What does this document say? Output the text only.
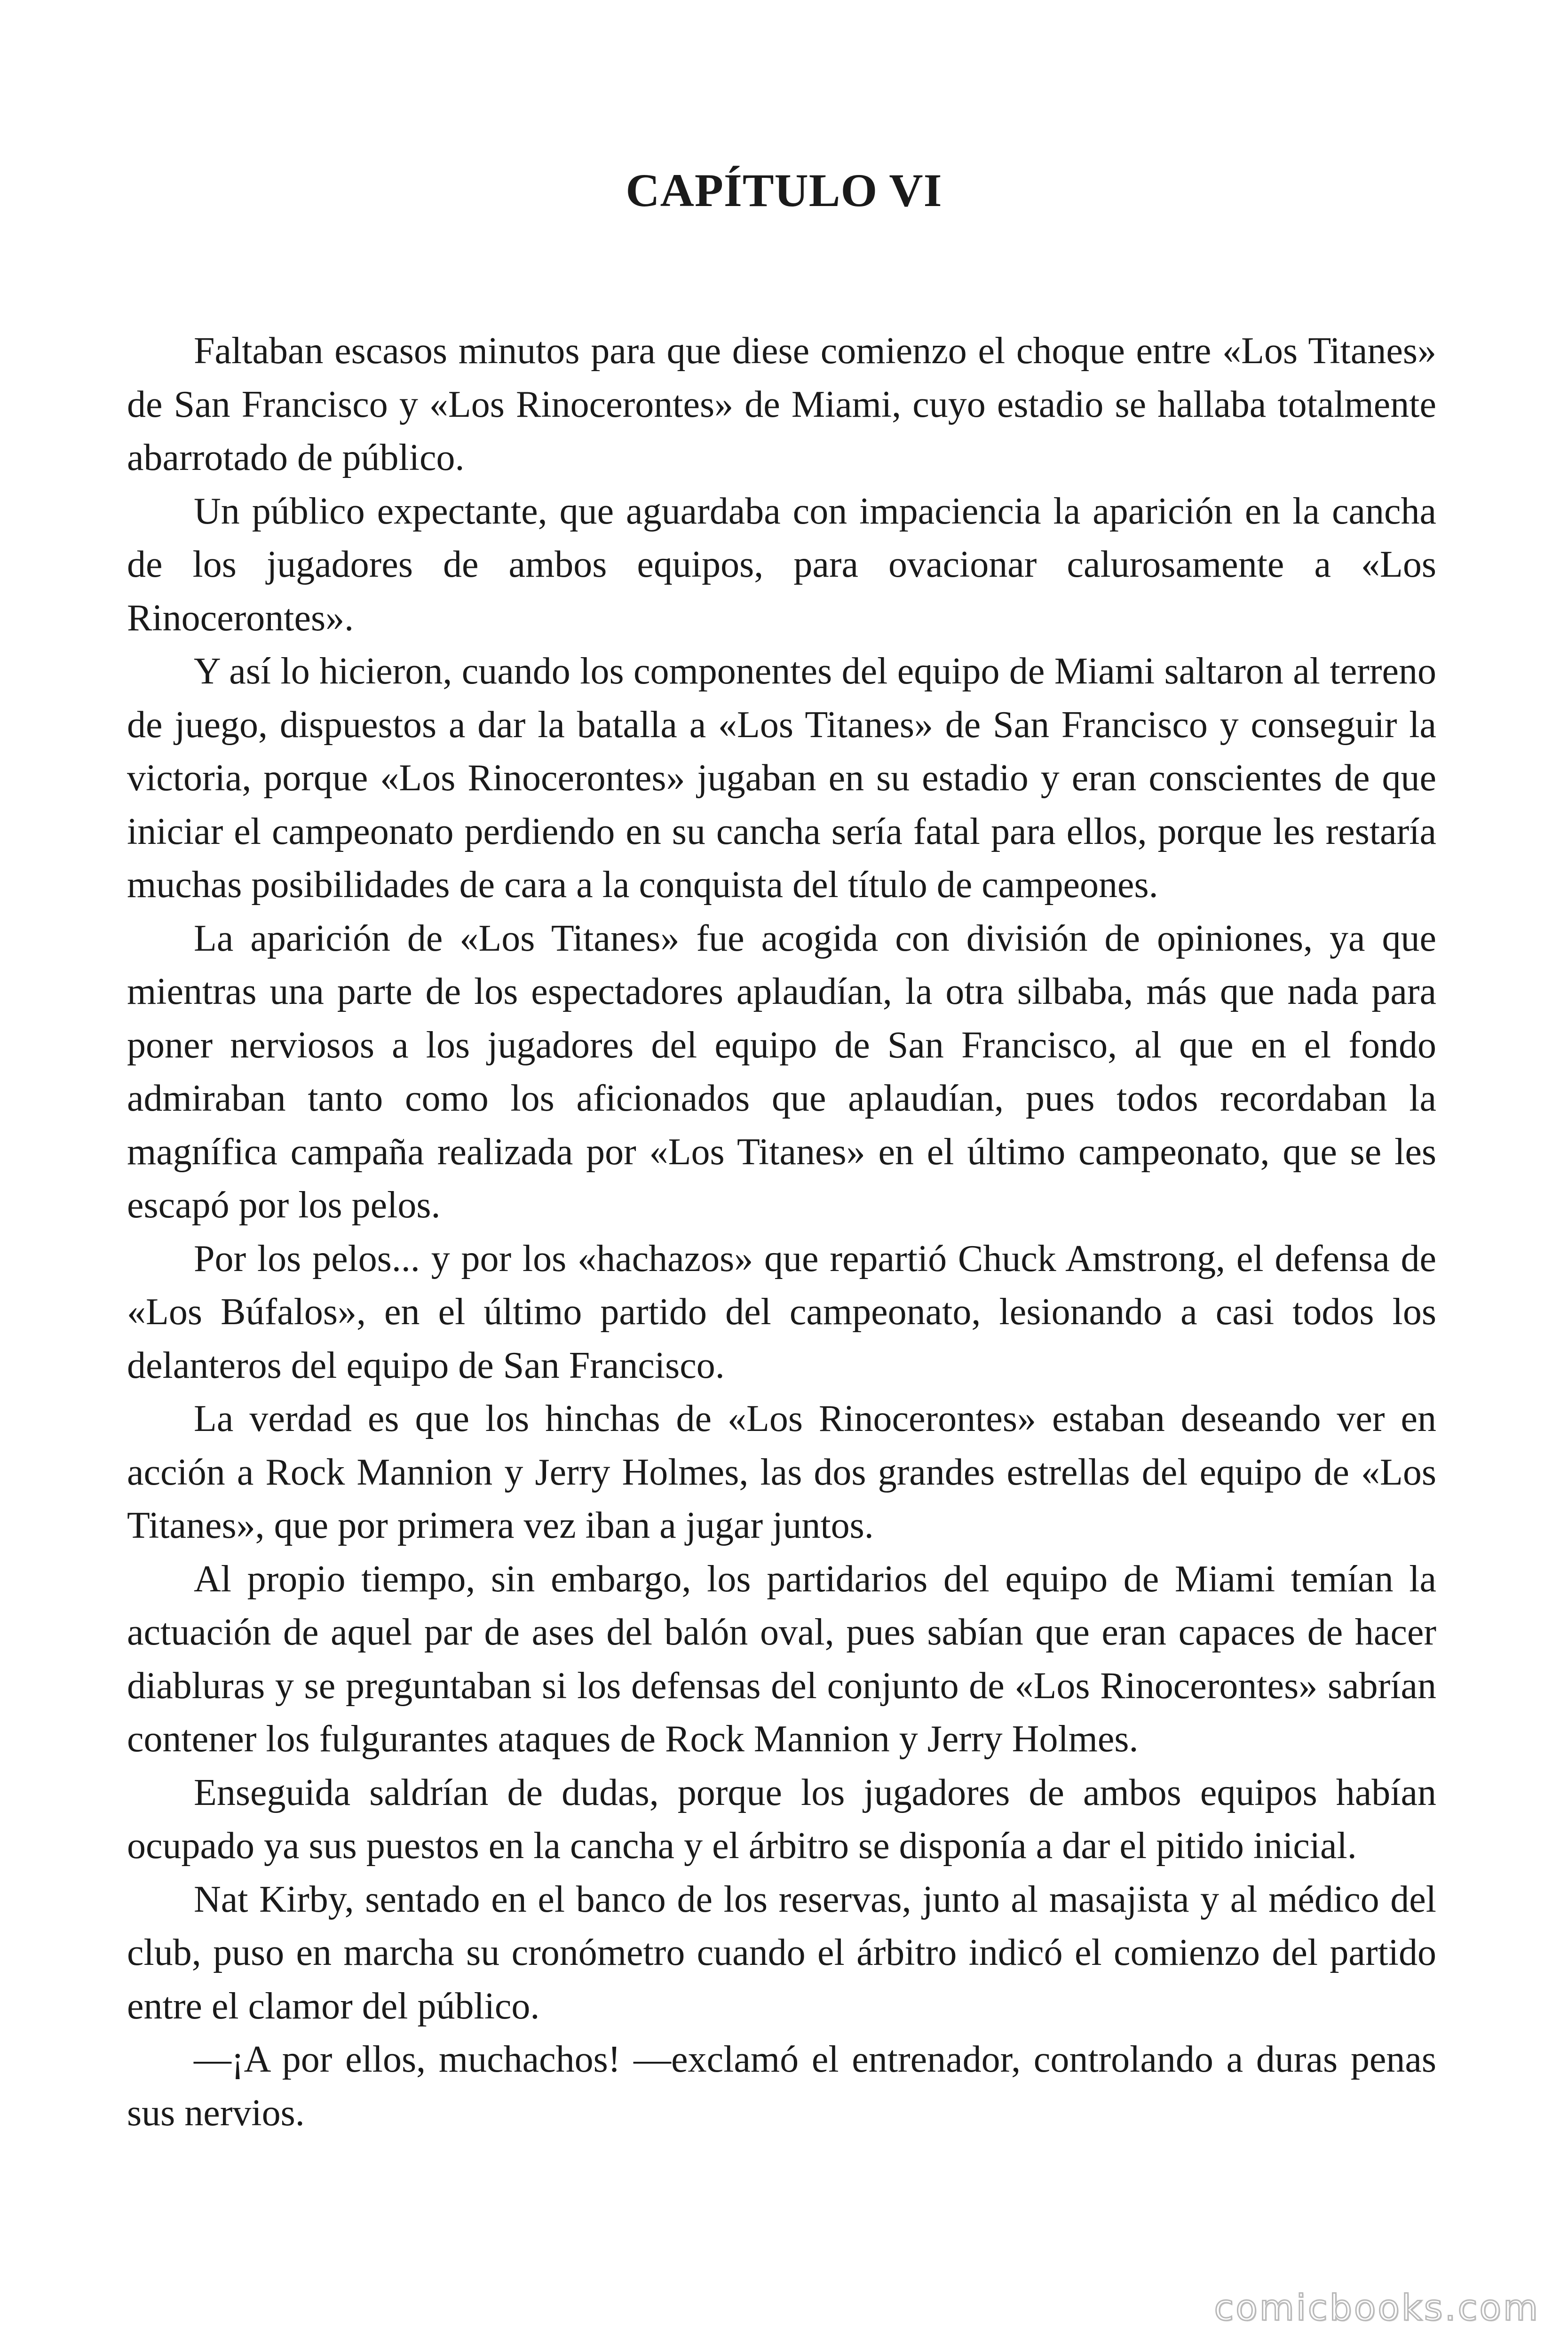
CAPÍTULO VI

Faltaban escasos minutos para que diese comienzo el choque entre «Los Titanes» de San Francisco y «Los Rinocerontes» de Miami, cuyo estadio se hallaba totalmente abarrotado de público.

Un público expectante, que aguardaba con impaciencia la aparición en la cancha de los jugadores de ambos equipos, para ovacionar calurosamente a «Los Rinocerontes».

Y así lo hicieron, cuando los componentes del equipo de Miami saltaron al terreno de juego, dispuestos a dar la batalla a «Los Titanes» de San Francisco y conseguir la victoria, porque «Los Rinocerontes» jugaban en su estadio y eran conscientes de que iniciar el campeonato perdiendo en su cancha sería fatal para ellos, porque les restaría muchas posibilidades de cara a la conquista del título de campeones.

La aparición de «Los Titanes» fue acogida con división de opiniones, ya que mientras una parte de los espectadores aplaudían, la otra silbaba, más que nada para poner nerviosos a los jugadores del equipo de San Francisco, al que en el fondo admiraban tanto como los aficionados que aplaudían, pues todos recordaban la magnífica campaña realizada por «Los Titanes» en el último campeonato, que se les escapó por los pelos.

Por los pelos... y por los «hachazos» que repartió Chuck Amstrong, el defensa de «Los Búfalos», en el último partido del campeonato, lesionando a casi todos los delanteros del equipo de San Francisco.

La verdad es que los hinchas de «Los Rinocerontes» estaban deseando ver en acción a Rock Mannion y Jerry Holmes, las dos grandes estrellas del equipo de «Los Titanes», que por primera vez iban a jugar juntos.

Al propio tiempo, sin embargo, los partidarios del equipo de Miami temían la actuación de aquel par de ases del balón oval, pues sabían que eran capaces de hacer diabluras y se preguntaban si los defensas del conjunto de «Los Rinocerontes» sabrían contener los fulgurantes ataques de Rock Mannion y Jerry Holmes.

Enseguida saldrían de dudas, porque los jugadores de ambos equipos habían ocupado ya sus puestos en la cancha y el árbitro se disponía a dar el pitido inicial.

Nat Kirby, sentado en el banco de los reservas, junto al masajista y al médico del club, puso en marcha su cronómetro cuando el árbitro indicó el comienzo del partido entre el clamor del público.

—¡A por ellos, muchachos! —exclamó el entrenador, controlando a duras penas sus nervios.

comicbooks.com
